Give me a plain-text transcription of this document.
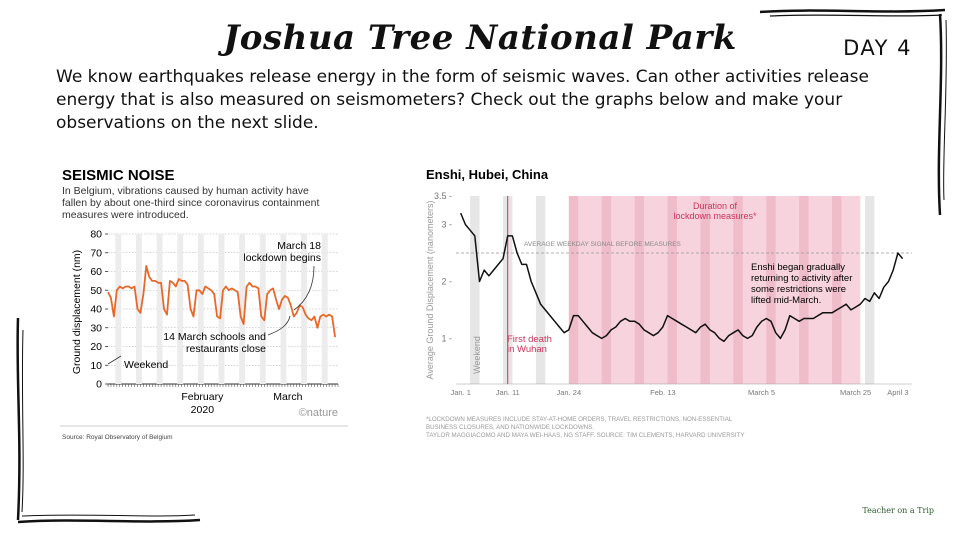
Joshua Tree National Park	DAY 4
We know earthquakes release energy in the form of seismic waves. Can other activities release energy that is also measured on seismometers? Check out the graphs below and make your observations on the next slide.
SEISMIC NOISE
In Belgium, vibrations caused by human activity have
fallen by about one-third since coronavirus containment
measures were introduced.
0
10
20
30
40
50
60
70
80
Ground displacement (nm)
February
2020
March
Weekend
March 18
lockdown begins
14 March schools and
restaurants close
©nature
Source: Royal Observatory of Belgium
Enshi, Hubei, China
1 -
2 -
3 -
3.5 -
Average Ground Displacement (nanometers)	AVERAGE WEEKDAY SIGNAL BEFORE MEASURES
Jan. 1	Jan. 11	Jan. 24	Feb. 13	March 5	March 25 April 3
Duration of
lockdown measures*
Weekend	First death
in Wuhan
Enshi began gradually
returning to activity after
some restrictions were
lifted mid-March.
*LOCKDOWN MEASURES INCLUDE STAY-AT-HOME ORDERS, TRAVEL RESTRICTIONS, NON-ESSENTIAL
BUSINESS CLOSURES, AND NATIONWIDE LOCKDOWNS.
TAYLOR MAGGIACOMO AND MAYA WEI-HAAS, NG STAFF. SOURCE: TIM CLEMENTS, HARVARD UNIVERSITY
Teacher on a Trip
